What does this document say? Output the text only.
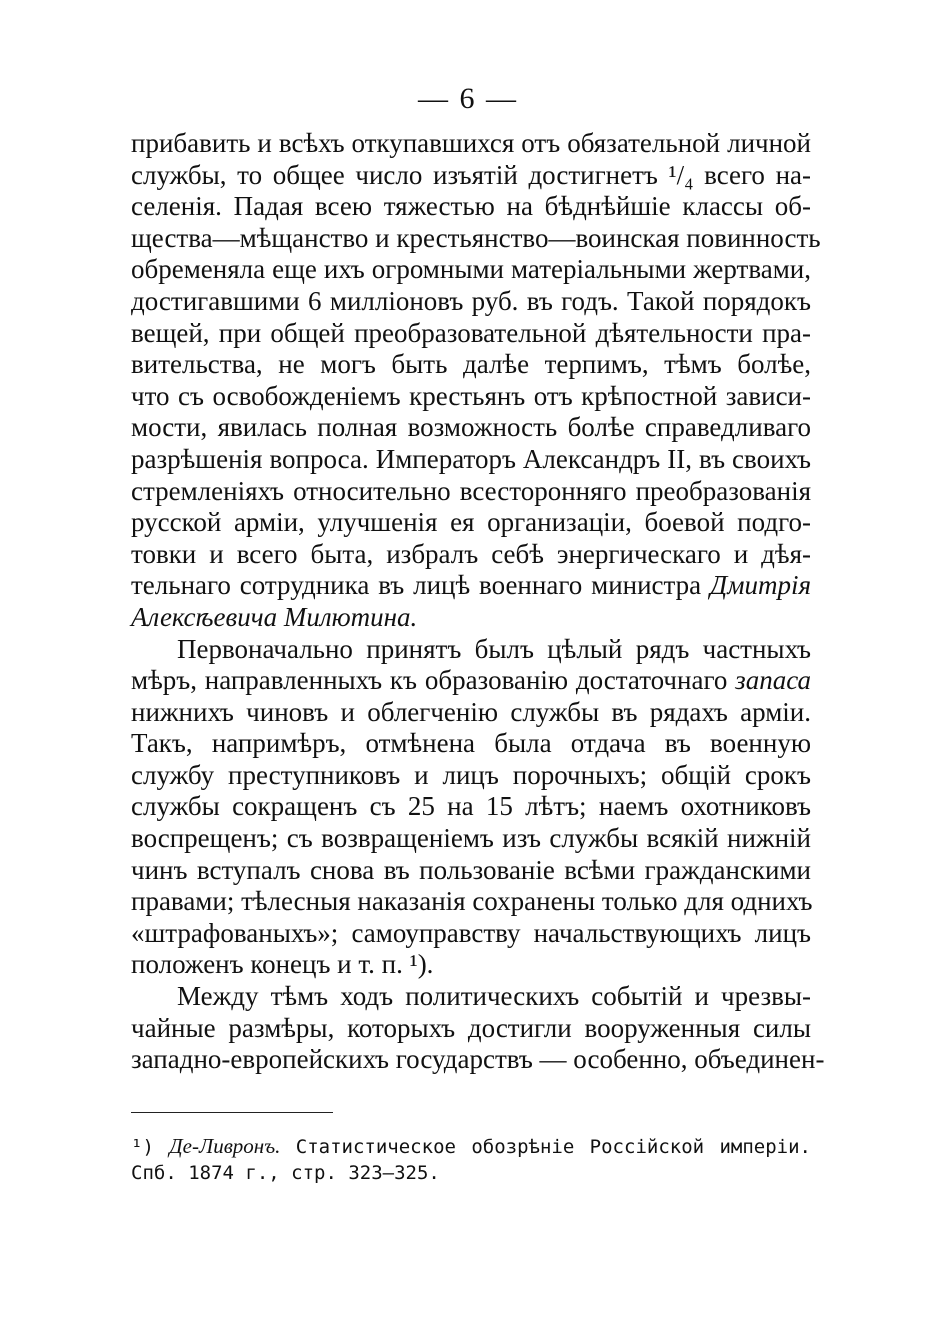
— 6 —
прибавить и всѣхъ откупавшихся отъ обязательной личной
службы, то общее число изъятій достигнетъ ¹/₄ всего на-
селенія. Падая всею тяжестью на бѣднѣйшіе классы об-
щества—мѣщанство и крестьянство—воинская повинность
обременяла еще ихъ огромными матеріальными жертвами,
достигавшими 6 милліоновъ руб. въ годъ. Такой порядокъ
вещей, при общей преобразовательной дѣятельности пра-
вительства, не могъ быть далѣе терпимъ, тѣмъ болѣе,
что съ освобожденіемъ крестьянъ отъ крѣпостной зависи-
мости, явилась полная возможность болѣе справедливаго
разрѣшенія вопроса. Императоръ Александръ II, въ своихъ
стремленіяхъ относительно всесторонняго преобразованія
русской арміи, улучшенія ея организаціи, боевой подго-
товки и всего быта, избралъ себѣ энергическаго и дѣя-
тельнаго сотрудника въ лицѣ военнаго министра Дмитрія
Алексѣевича Милютина.
Первоначально принятъ былъ цѣлый рядъ частныхъ
мѣръ, направленныхъ къ образованію достаточнаго запаса
нижнихъ чиновъ и облегченію службы въ рядахъ арміи.
Такъ, напримѣръ, отмѣнена была отдача въ военную
службу преступниковъ и лицъ порочныхъ; общій срокъ
службы сокращенъ съ 25 на 15 лѣтъ; наемъ охотниковъ
воспрещенъ; съ возвращеніемъ изъ службы всякій нижній
чинъ вступалъ снова въ пользованіе всѣми гражданскими
правами; тѣлесныя наказанія сохранены только для однихъ
«штрафованыхъ»; самоуправству начальствующихъ лицъ
положенъ конецъ и т. п. ¹).
Между тѣмъ ходъ политическихъ событій и чрезвы-
чайные размѣры, которыхъ достигли вооруженныя силы
западно-европейскихъ государствъ — особенно, объединен-
¹) Де-Ливронъ. Статистическое обозрѣніе Россійской имперіи.
Спб. 1874 г., стр. 323—325.
